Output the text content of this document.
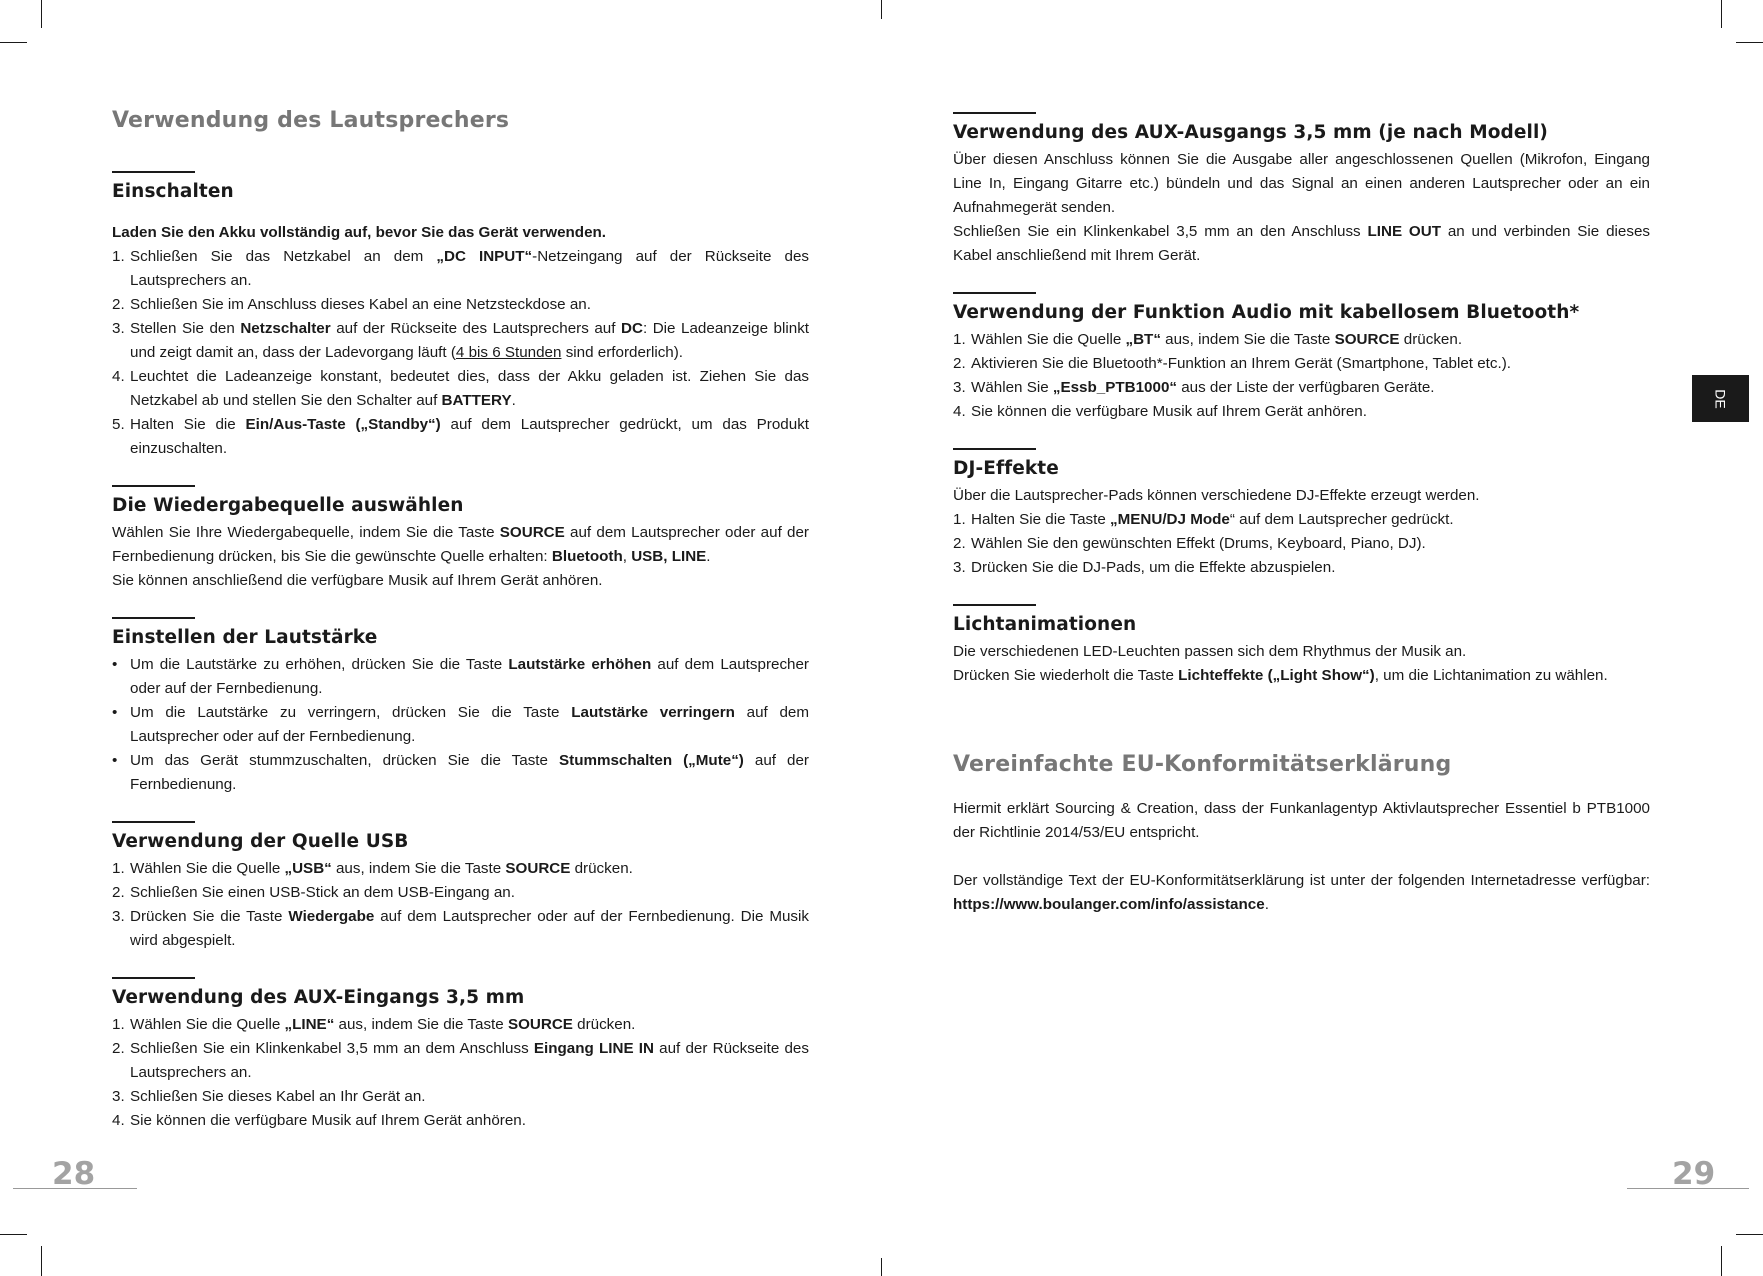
Verwendung des Lautsprechers
Einschalten

Laden Sie den Akku vollständig auf, bevor Sie das Gerät verwenden.

1. Schließen Sie das Netzkabel an dem „DC INPUT“-Netzeingang auf der Rückseite des Lautsprechers an.
2. Schließen Sie im Anschluss dieses Kabel an eine Netzsteckdose an.
3. Stellen Sie den Netzschalter auf der Rückseite des Lautsprechers auf DC: Die Ladeanzeige blinkt und zeigt damit an, dass der Ladevorgang läuft (4 bis 6 Stunden sind erforderlich).
4. Leuchtet die Ladeanzeige konstant, bedeutet dies, dass der Akku geladen ist. Ziehen Sie das Netzkabel ab und stellen Sie den Schalter auf BATTERY.
5. Halten Sie die Ein/Aus-Taste („Standby“) auf dem Lautsprecher gedrückt, um das Produkt einzuschalten.
Die Wiedergabequelle auswählen

Wählen Sie Ihre Wiedergabequelle, indem Sie die Taste SOURCE auf dem Lautsprecher oder auf der Fernbedienung drücken, bis Sie die gewünschte Quelle erhalten: Bluetooth, USB, LINE.

Sie können anschließend die verfügbare Musik auf Ihrem Gerät anhören.

Einstellen der Lautstärke
• Um die Lautstärke zu erhöhen, drücken Sie die Taste Lautstärke erhöhen auf dem Lautsprecher oder auf der Fernbedienung.
• Um die Lautstärke zu verringern, drücken Sie die Taste Lautstärke verringern auf dem Lautsprecher oder auf der Fernbedienung.
• Um das Gerät stummzuschalten, drücken Sie die Taste Stummschalten („Mute“) auf der Fernbedienung.
Verwendung der Quelle USB
1. Wählen Sie die Quelle „USB“ aus, indem Sie die Taste SOURCE drücken.
2. Schließen Sie einen USB-Stick an dem USB-Eingang an.
3. Drücken Sie die Taste Wiedergabe auf dem Lautsprecher oder auf der Fernbedienung. Die Musik wird abgespielt.
Verwendung des AUX-Eingangs 3,5 mm
1. Wählen Sie die Quelle „LINE“ aus, indem Sie die Taste SOURCE drücken.
2. Schließen Sie ein Klinkenkabel 3,5 mm an dem Anschluss Eingang LINE IN auf der Rückseite des Lautsprechers an.
3. Schließen Sie dieses Kabel an Ihr Gerät an.
4. Sie können die verfügbare Musik auf Ihrem Gerät anhören.
Verwendung des AUX-Ausgangs 3,5 mm (je nach Modell)

Über diesen Anschluss können Sie die Ausgabe aller angeschlossenen Quellen (Mikrofon, Eingang Line In, Eingang Gitarre etc.) bündeln und das Signal an einen anderen Lautsprecher oder an ein Aufnahmegerät senden.

Schließen Sie ein Klinkenkabel 3,5 mm an den Anschluss LINE OUT an und verbinden Sie dieses Kabel anschließend mit Ihrem Gerät.

Verwendung der Funktion Audio mit kabellosem Bluetooth*
1. Wählen Sie die Quelle „BT“ aus, indem Sie die Taste SOURCE drücken.
2. Aktivieren Sie die Bluetooth*-Funktion an Ihrem Gerät (Smartphone, Tablet etc.).
3. Wählen Sie „Essb_PTB1000“ aus der Liste der verfügbaren Geräte.
4. Sie können die verfügbare Musik auf Ihrem Gerät anhören.
DJ-Effekte

Über die Lautsprecher-Pads können verschiedene DJ-Effekte erzeugt werden.

1. Halten Sie die Taste „MENU/DJ Mode“ auf dem Lautsprecher gedrückt.
2. Wählen Sie den gewünschten Effekt (Drums, Keyboard, Piano, DJ).
3. Drücken Sie die DJ-Pads, um die Effekte abzuspielen.
Lichtanimationen

Die verschiedenen LED-Leuchten passen sich dem Rhythmus der Musik an.

Drücken Sie wiederholt die Taste Lichteffekte („Light Show“), um die Lichtanimation zu wählen.

Vereinfachte EU-Konformitätserklärung

Hiermit erklärt Sourcing & Creation, dass der Funkanlagentyp Aktivlautsprecher Essentiel b PTB1000 der Richtlinie 2014/53/EU entspricht.

Der vollständige Text der EU-Konformitätserklärung ist unter der folgenden Internetadresse verfügbar: https://www.boulanger.com/info/assistance.

DE
28	29
